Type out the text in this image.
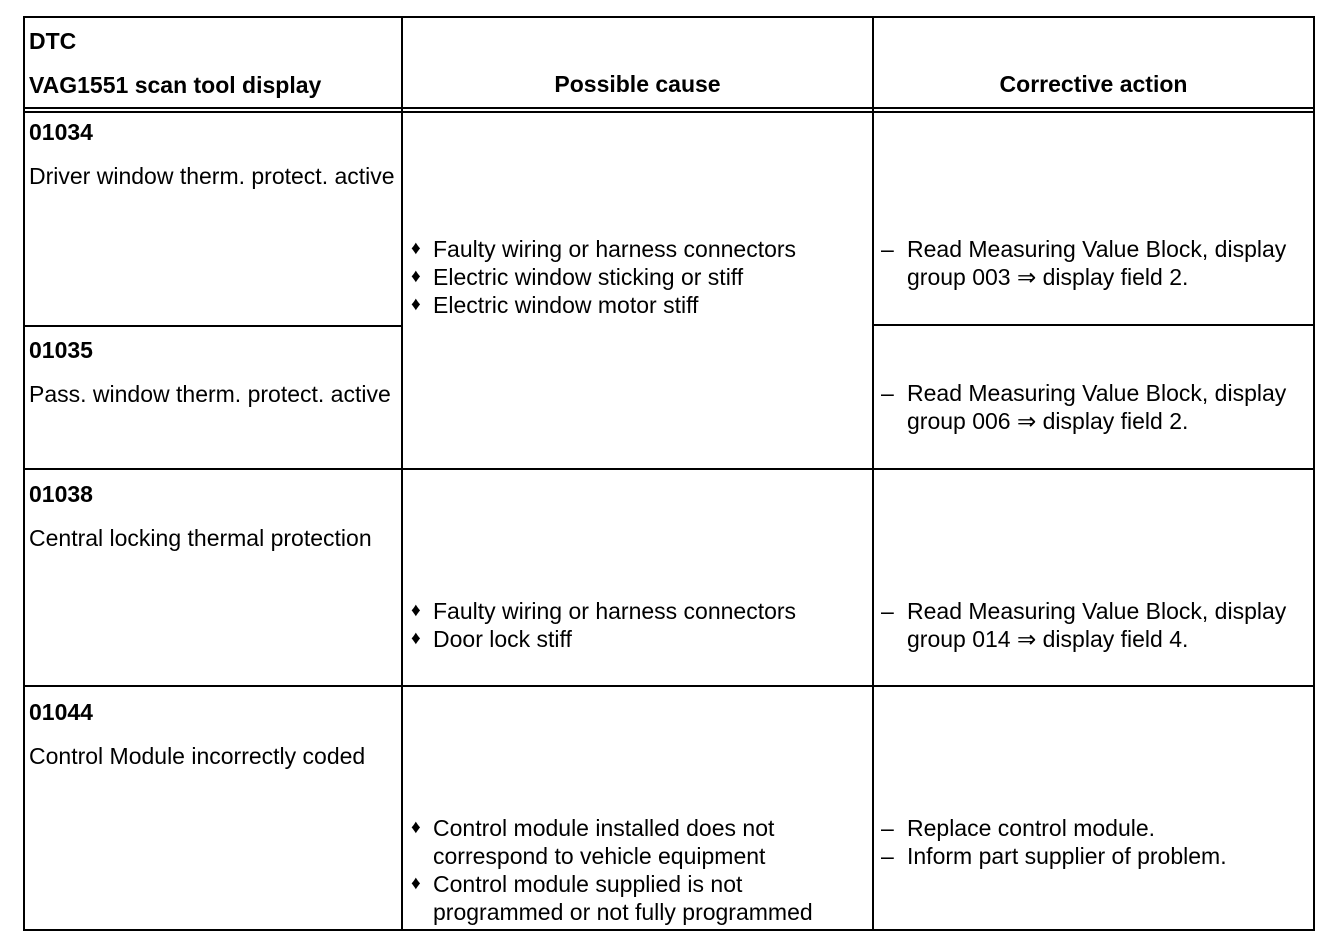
DTC
VAG1551 scan tool display	Possible cause	Corrective action
01034
Driver window therm. protect. active
– Read Measuring Value Block, display group 003 ⇒ display field 2.
♦ Faulty wiring or harness connectors
♦ Electric window sticking or stiff
♦ Electric window motor stiff
01035
Pass. window therm. protect. active
–	Read Measuring Value Block, display group 006 ⇒ display field 2.
01038
Central locking thermal protection
♦ Faulty wiring or harness connectors
♦ Door lock stiff
– Read Measuring Value Block, display group 014 ⇒ display field 4.
01044
Control Module incorrectly coded
♦ Control module installed does not correspond to vehicle equipment
♦ Control module supplied is not programmed or not fully programmed
– Replace control module.
– Inform part supplier of problem.
